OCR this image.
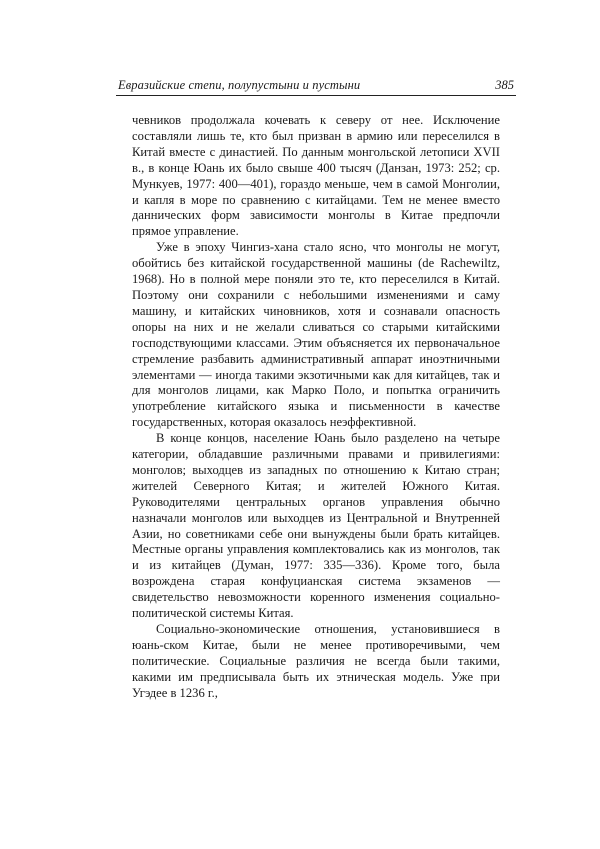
Евразийские степи, полупустыни и пустыни	385

чевников продолжала кочевать к северу от нее. Исключение составляли лишь те, кто был призван в армию или переселился в Китай вместе с династией. По данным монгольской летописи XVII в., в конце Юань их было свыше 400 тысяч (Данзан, 1973: 252; ср. Мункуев, 1977: 400—401), гораздо меньше, чем в самой Монголии, и капля в море по сравнению с китайцами. Тем не менее вместо даннических форм зависимости монголы в Китае предпочли прямое управление.

Уже в эпоху Чингиз-хана стало ясно, что монголы не могут, обойтись без китайской государственной машины (de Rachewiltz, 1968). Но в полной мере поняли это те, кто переселился в Китай. Поэтому они сохранили с небольшими изменениями и саму машину, и китайских чиновников, хотя и сознавали опасность опоры на них и не желали сливаться со старыми китайскими господствующими классами. Этим объясняется их первоначальное стремление разбавить административный аппарат иноэтничными элементами — иногда такими экзотичными как для китайцев, так и для монголов лицами, как Марко Поло, и попытка ограничить употребление китайского языка и письменности в качестве государственных, которая оказалось неэффективной.

В конце концов, население Юань было разделено на четыре категории, обладавшие различными правами и привилегиями: монголов; выходцев из западных по отношению к Китаю стран; жителей Северного Китая; и жителей Южного Китая. Руководителями центральных органов управления обычно назначали монголов или выходцев из Центральной и Внутренней Азии, но советниками себе они вынуждены были брать китайцев. Местные органы управления комплектовались как из монголов, так и из китайцев (Думан, 1977: 335—336). Кроме того, была возрождена старая конфуцианская система экзаменов — свидетельство невозможности коренного изменения социально-политической системы Китая.

Социально-экономические отношения, установившиеся в юань-ском Китае, были не менее противоречивыми, чем политические. Социальные различия не всегда были такими, какими им предписывала быть их этническая модель. Уже при Угэдее в 1236 г.,
